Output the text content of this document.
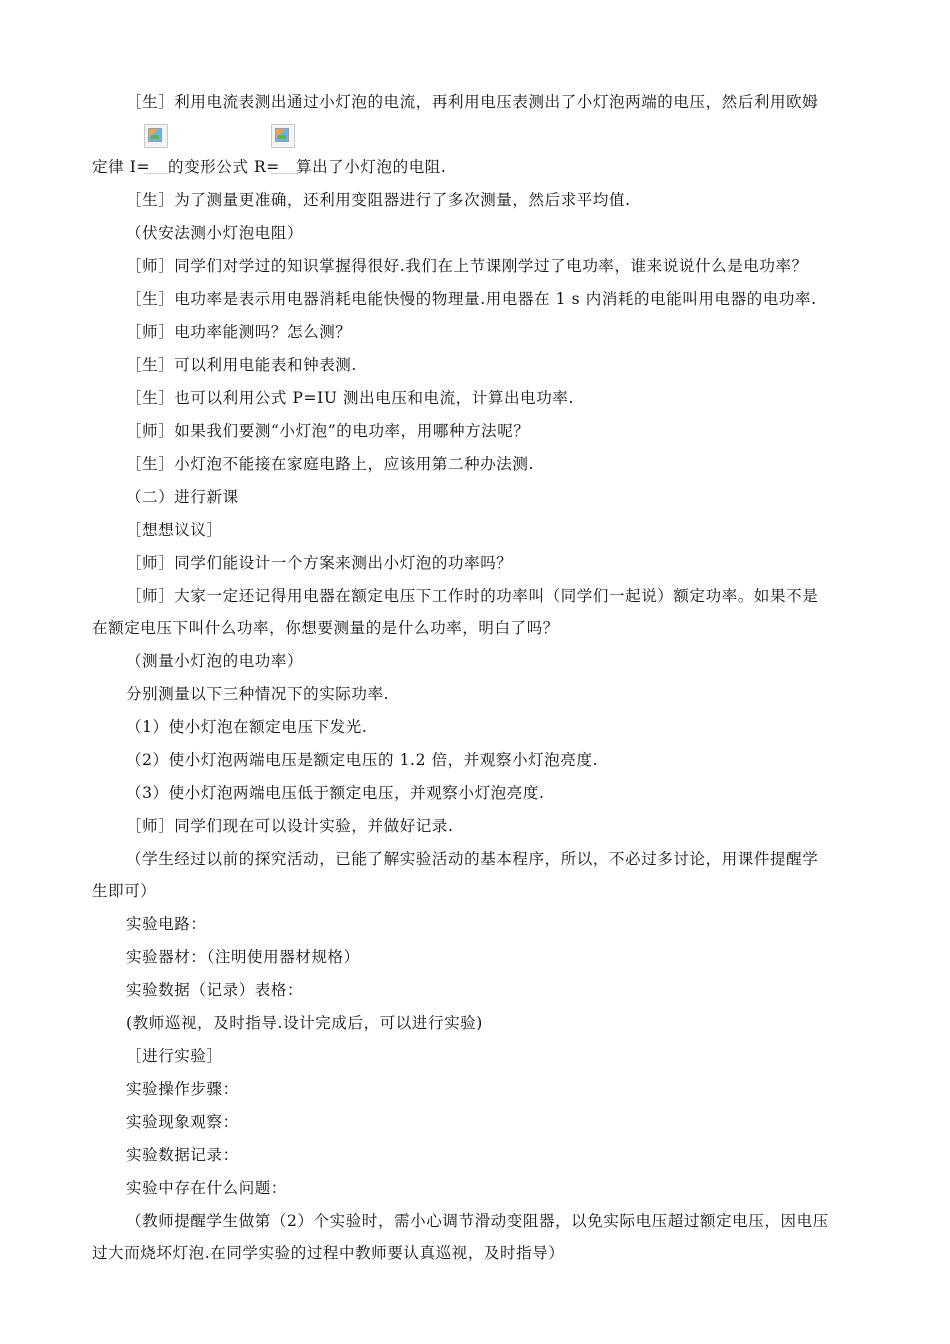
［生］利用电流表测出通过小灯泡的电流，再利用电压表测出了小灯泡两端的电压，然后利用欧姆
定律 I= 的变形公式 R= 算出了小灯泡的电阻.
［生］为了测量更准确，还利用变阻器进行了多次测量，然后求平均值.
（伏安法测小灯泡电阻）
［师］同学们对学过的知识掌握得很好.我们在上节课刚学过了电功率，谁来说说什么是电功率？
［生］电功率是表示用电器消耗电能快慢的物理量.用电器在 1 s 内消耗的电能叫用电器的电功率.
［师］电功率能测吗？怎么测？
［生］可以利用电能表和钟表测.
［生］也可以利用公式 P=IU 测出电压和电流，计算出电功率.
［师］如果我们要测“小灯泡”的电功率，用哪种方法呢？
［生］小灯泡不能接在家庭电路上，应该用第二种办法测.
（二）进行新课
［想想议议］
［师］同学们能设计一个方案来测出小灯泡的功率吗？
［师］大家一定还记得用电器在额定电压下工作时的功率叫（同学们一起说）额定功率。如果不是
在额定电压下叫什么功率，你想要测量的是什么功率，明白了吗？
（测量小灯泡的电功率）
分别测量以下三种情况下的实际功率.
（1）使小灯泡在额定电压下发光.
（2）使小灯泡两端电压是额定电压的 1.2 倍，并观察小灯泡亮度.
（3）使小灯泡两端电压低于额定电压，并观察小灯泡亮度.
［师］同学们现在可以设计实验，并做好记录.
（学生经过以前的探究活动，已能了解实验活动的基本程序，所以，不必过多讨论，用课件提醒学
生即可）
实验电路：
实验器材：（注明使用器材规格）
实验数据（记录）表格：
(教师巡视，及时指导.设计完成后，可以进行实验)
［进行实验］
实验操作步骤：
实验现象观察：
实验数据记录：
实验中存在什么问题：
（教师提醒学生做第（2）个实验时，需小心调节滑动变阻器，以免实际电压超过额定电压，因电压
过大而烧坏灯泡.在同学实验的过程中教师要认真巡视，及时指导）
